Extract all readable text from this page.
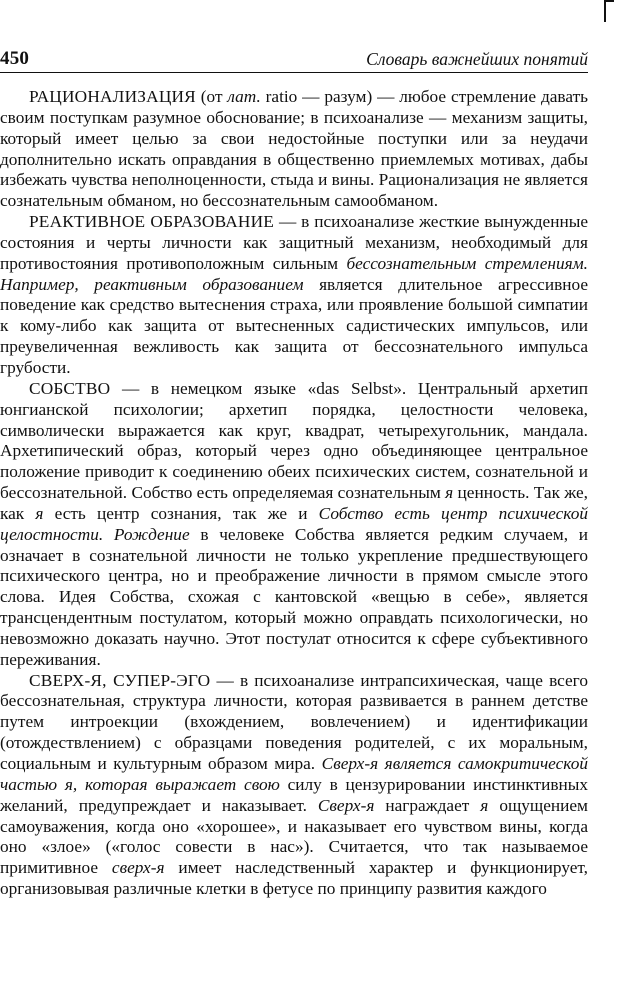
450	Словарь важнейших понятий

РАЦИОНАЛИЗАЦИЯ (от лат. ratio — разум) — любое стремление давать своим поступкам разумное обоснование; в психоанализе — механизм защиты, который имеет целью за свои недостойные поступки или за неудачи дополнительно искать оправдания в общественно приемлемых мотивах, дабы избежать чувства неполноценности, стыда и вины. Рационализация не является сознательным обманом, но бессознательным самообманом.

РЕАКТИВНОЕ ОБРАЗОВАНИЕ — в психоанализе жесткие вынужденные состояния и черты личности как защитный механизм, необходимый для противостояния противоположным сильным бессознательным стремлениям. Например, реактивным образованием является длительное агрессивное поведение как средство вытеснения страха, или проявление большой симпатии к кому-либо как защита от вытесненных садистических импульсов, или преувеличенная вежливость как защита от бессознательного импульса грубости.

СОБСТВО — в немецком языке «das Selbst». Центральный архетип юнгианской психологии; архетип порядка, целостности человека, символически выражается как круг, квадрат, четырехугольник, мандала. Архетипический образ, который через одно объединяющее центральное положение приводит к соединению обеих психических систем, сознательной и бессознательной. Собство есть определяемая сознательным я ценность. Так же, как я есть центр сознания, так же и Собство есть центр психической целостности. Рождение в человеке Собства является редким случаем, и означает в сознательной личности не только укрепление предшествующего психического центра, но и преображение личности в прямом смысле этого слова. Идея Собства, схожая с кантовской «вещью в себе», является трансцендентным постулатом, который можно оправдать психологически, но невозможно доказать научно. Этот постулат относится к сфере субъективного переживания.

СВЕРХ-Я, СУПЕР-ЭГО — в психоанализе интрапсихическая, чаще всего бессознательная, структура личности, которая развивается в раннем детстве путем интроекции (вхождением, вовлечением) и идентификации (отождествлением) с образцами поведения родителей, с их моральным, социальным и культурным образом мира. Сверх-я является самокритической частью я, которая выражает свою силу в цензурировании инстинктивных желаний, предупреждает и наказывает. Сверх-я награждает я ощущением самоуважения, когда оно «хорошее», и наказывает его чувством вины, когда оно «злое» («голос совести в нас»). Считается, что так называемое примитивное сверх-я имеет наследственный характер и функционирует, организовывая различные клетки в фетусе по принципу развития каждого
